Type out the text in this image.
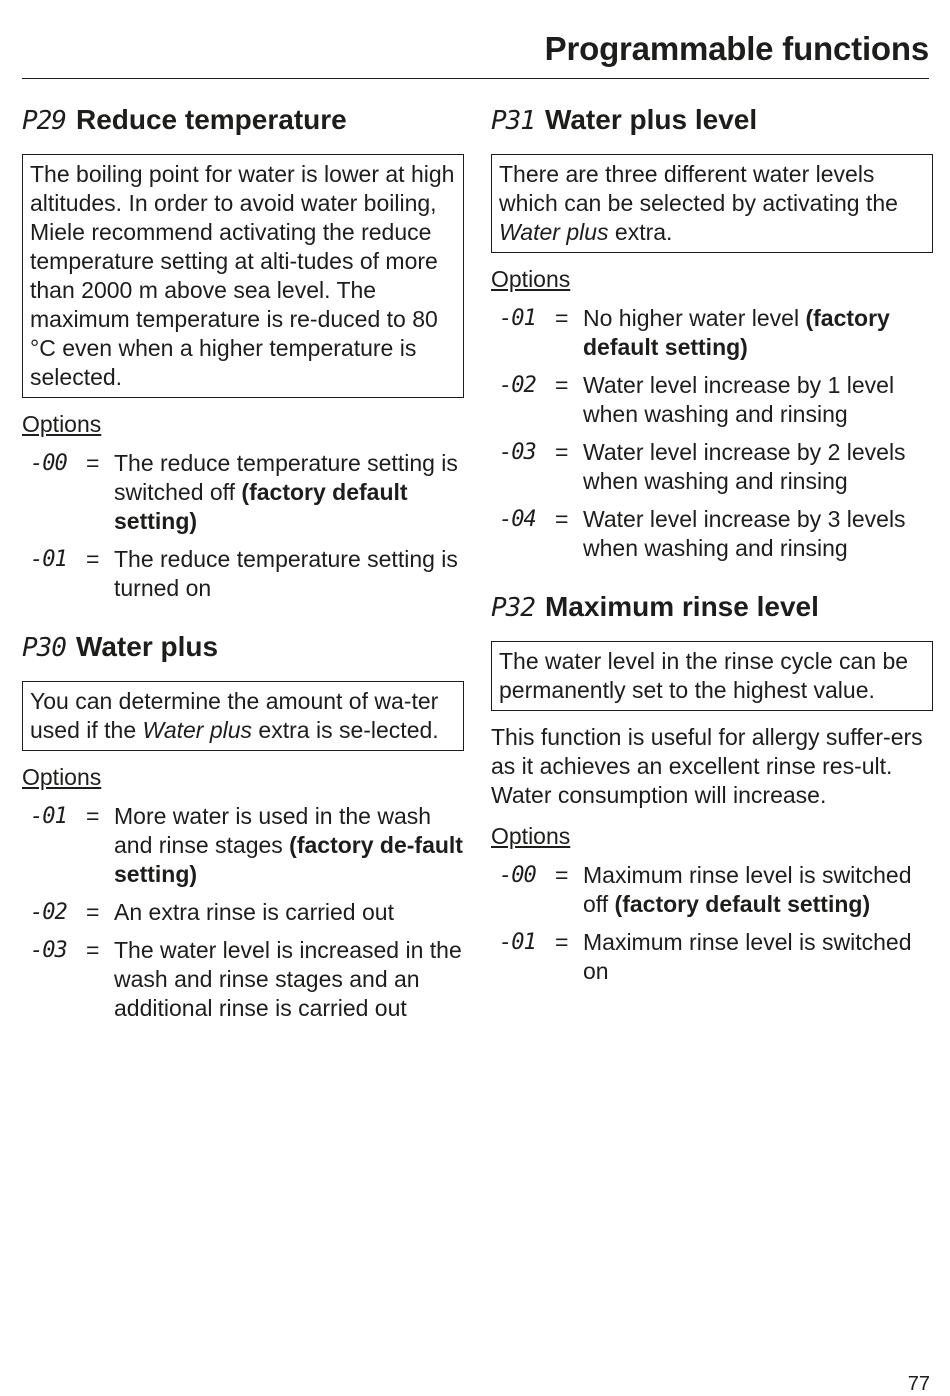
Programmable functions
P29 Reduce temperature
The boiling point for water is lower at high altitudes. In order to avoid water boiling, Miele recommend activating the reduce temperature setting at alti-tudes of more than 2000 m above sea level. The maximum temperature is re-duced to 80 °C even when a higher temperature is selected.
Options
-00 = The reduce temperature setting is switched off (factory default setting)
-01 = The reduce temperature setting is turned on
P30 Water plus
You can determine the amount of wa-ter used if the Water plus extra is se-lected.
Options
-01 = More water is used in the wash and rinse stages (factory de-fault setting)
-02 = An extra rinse is carried out
-03 = The water level is increased in the wash and rinse stages and an additional rinse is carried out
P31 Water plus level
There are three different water levels which can be selected by activating the Water plus extra.
Options
-01 = No higher water level (factory default setting)
-02 = Water level increase by 1 level when washing and rinsing
-03 = Water level increase by 2 levels when washing and rinsing
-04 = Water level increase by 3 levels when washing and rinsing
P32 Maximum rinse level
The water level in the rinse cycle can be permanently set to the highest value.

This function is useful for allergy suffer-ers as it achieves an excellent rinse res-ult. Water consumption will increase.

Options
-00 = Maximum rinse level is switched off (factory default setting)
-01 = Maximum rinse level is switched on
77
